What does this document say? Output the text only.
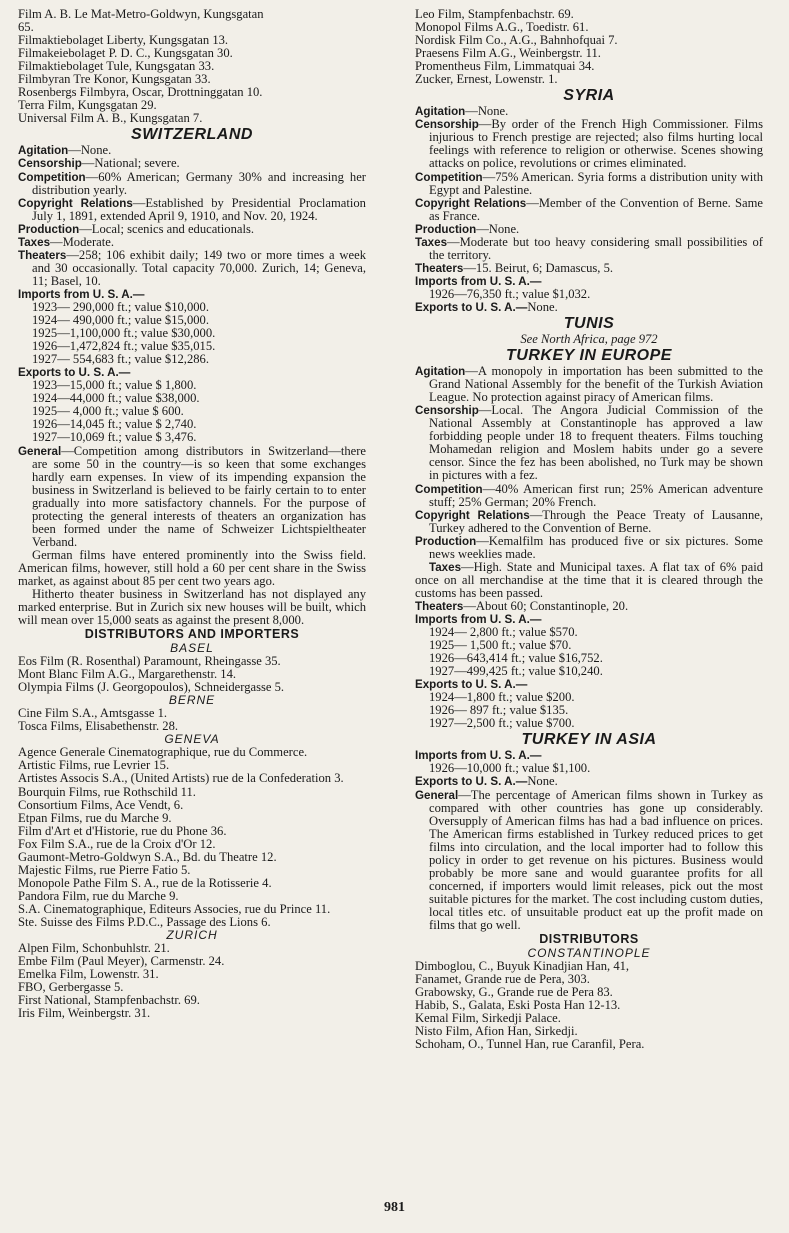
Film A. B. Le Mat-Metro-Goldwyn, Kungsgatan
65.
Filmaktiebolaget Liberty, Kungsgatan 13.
Filmakeiebolaget P. D. C., Kungsgatan 30.
Filmaktiebolaget Tule, Kungsgatan 33.
Filmbyran Tre Konor, Kungsgatan 33.
Rosenbergs Filmbyra, Oscar, Drottninggatan 10.
Terra Film, Kungsgatan 29.
Universal Film A. B., Kungsgatan 7.
SWITZERLAND
Agitation—None.
Censorship—National; severe.
Competition—60% American; Germany 30% and increasing her distribution yearly.
Copyright Relations—Established by Presidential Proclamation July 1, 1891, extended April 9, 1910, and Nov. 20, 1924.
Production—Local; scenics and educationals.
Taxes—Moderate.
Theaters—258; 106 exhibit daily; 149 two or more times a week and 30 occasionally. Total capacity 70,000. Zurich, 14; Geneva, 11; Basel, 10.
Imports from U. S. A.—
1923— 290,000 ft.; value $10,000.
1924— 490,000 ft.; value $15,000.
1925—1,100,000 ft.; value $30,000.
1926—1,472,824 ft.; value $35,015.
1927— 554,683 ft.; value $12,286.
Exports to U. S. A.—
1923—15,000 ft.; value $ 1,800.
1924—44,000 ft.; value $38,000.
1925— 4,000 ft.; value $ 600.
1926—14,045 ft.; value $ 2,740.
1927—10,069 ft.; value $ 3,476.
General—Competition among distributors in Switzerland—there are some 50 in the country—is so keen that some exchanges hardly earn expenses. In view of its impending expansion the business in Switzerland is believed to be fairly certain to to enter gradually into more satisfactory channels. For the purpose of protecting the general interests of theaters an organization has been formed under the name of Schweizer Lichtspieltheater Verband.
German films have entered prominently into the Swiss field. American films, however, still hold a 60 per cent share in the Swiss market, as against about 85 per cent two years ago.
Hitherto theater business in Switzerland has not displayed any marked enterprise. But in Zurich six new houses will be built, which will mean over 15,000 seats as against the present 8,000.
DISTRIBUTORS AND IMPORTERS
BASEL
Eos Film (R. Rosenthal) Paramount, Rheingasse 35.
Mont Blanc Film A.G., Margarethenstr. 14.
Olympia Films (J. Georgopoulos), Schneidergasse 5.
BERNE
Cine Film S.A., Amtsgasse 1.
Tosca Films, Elisabethenstr. 28.
GENEVA
Agence Generale Cinematographique, rue du Commerce.
Artistic Films, rue Levrier 15.
Artistes Associs S.A., (United Artists) rue de la Confederation 3.
Bourquin Films, rue Rothschild 11.
Consortium Films, Ace Vendt, 6.
Etpan Films, rue du Marche 9.
Film d'Art et d'Historie, rue du Phone 36.
Fox Film S.A., rue de la Croix d'Or 12.
Gaumont-Metro-Goldwyn S.A., Bd. du Theatre 12.
Majestic Films, rue Pierre Fatio 5.
Monopole Pathe Film S. A., rue de la Rotisserie 4.
Pandora Film, rue du Marche 9.
S.A. Cinematographique, Editeurs Associes, rue du Prince 11.
Ste. Suisse des Films P.D.C., Passage des Lions 6.
ZURICH
Alpen Film, Schonbuhlstr. 21.
Embe Film (Paul Meyer), Carmenstr. 24.
Emelka Film, Lowenstr. 31.
FBO, Gerbergasse 5.
First National, Stampfenbachstr. 69.
Iris Film, Weinbergstr. 31.
Leo Film, Stampfenbachstr. 69.
Monopol Films A.G., Toedistr. 61.
Nordisk Film Co., A.G., Bahnhofquai 7.
Praesens Film A.G., Weinbergstr. 11.
Promentheus Film, Limmatquai 34.
Zucker, Ernest, Lowenstr. 1.
SYRIA
Agitation—None.
Censorship—By order of the French High Commissioner. Films injurious to French prestige are rejected; also films hurting local feelings with reference to religion or otherwise. Scenes showing attacks on police, revolutions or crimes eliminated.
Competition—75% American. Syria forms a distribution unity with Egypt and Palestine.
Copyright Relations—Member of the Convention of Berne. Same as France.
Production—None.
Taxes—Moderate but too heavy considering small possibilities of the territory.
Theaters—15. Beirut, 6; Damascus, 5.
Imports from U. S. A.—
1926—76,350 ft.; value $1,032.
Exports to U. S. A.—None.
TUNIS
See North Africa, page 972
TURKEY IN EUROPE
Agitation—A monopoly in importation has been submitted to the Grand National Assembly for the benefit of the Turkish Aviation League. No protection against piracy of American films.
Censorship—Local. The Angora Judicial Commission of the National Assembly at Constantinople has approved a law forbidding people under 18 to frequent theaters. Films touching Mohamedan religion and Moslem habits under go a severe censor. Since the fez has been abolished, no Turk may be shown in pictures with a fez.
Competition—40% American first run; 25% American adventure stuff; 25% German; 20% French.
Copyright Relations—Through the Peace Treaty of Lausanne, Turkey adhered to the Convention of Berne.
Production—Kemalfilm has produced five or six pictures. Some news weeklies made.
Taxes—High. State and Municipal taxes. A flat tax of 6% paid once on all merchandise at the time that it is cleared through the customs has been passed.
Theaters—About 60; Constantinople, 20.
Imports from U. S. A.—
1924— 2,800 ft.; value $570.
1925— 1,500 ft.; value $70.
1926—643,414 ft.; value $16,752.
1927—499,425 ft.; value $10,240.
Exports to U. S. A.—
1924—1,800 ft.; value $200.
1926— 897 ft.; value $135.
1927—2,500 ft.; value $700.
TURKEY IN ASIA
Imports from U. S. A.—
1926—10,000 ft.; value $1,100.
Exports to U. S. A.—None.
General—The percentage of American films shown in Turkey as compared with other countries has gone up considerably. Oversupply of American films has had a bad influence on prices. The American firms established in Turkey reduced prices to get films into circulation, and the local importer had to follow this policy in order to get revenue on his pictures. Business would probably be more sane and would guarantee profits for all concerned, if importers would limit releases, pick out the most suitable pictures for the market. The cost including custom duties, local titles etc. of unsuitable product eat up the profit made on films that go well.
DISTRIBUTORS
CONSTANTINOPLE
Dimboglou, C., Buyuk Kinadjian Han, 41,
Fanamet, Grande rue de Pera, 303.
Grabowsky, G., Grande rue de Pera 83.
Habib, S., Galata, Eski Posta Han 12-13.
Kemal Film, Sirkedji Palace.
Nisto Film, Afion Han, Sirkedji.
Schoham, O., Tunnel Han, rue Caranfil, Pera.
981
